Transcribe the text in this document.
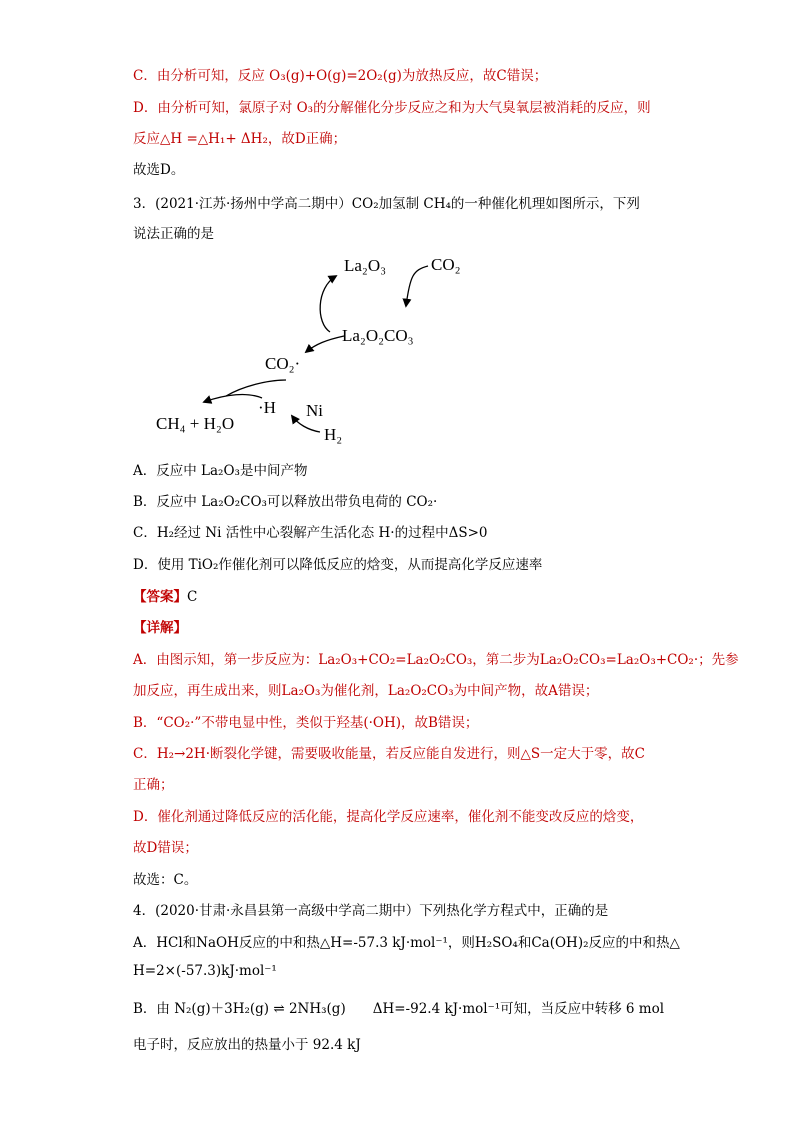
C．由分析可知，反应 O₃(g)+O(g)=2O₂(g)为放热反应，故C错误；
D．由分析可知，氯原子对 O₃的分解催化分步反应之和为大气臭氧层被消耗的反应，则
反应△H =△H₁+ ΔH₂，故D正确；
故选D。
3．(2021·江苏·扬州中学高二期中）CO₂加氢制 CH₄的一种催化机理如图所示，下列
说法正确的是
La₂O₃	CO₂
La₂O₂CO₃
CO₂·
·H Ni
H₂
CH₄ + H₂O
A．反应中 La₂O₃是中间产物
B．反应中 La₂O₂CO₃可以释放出带负电荷的 CO₂·
C．H₂经过 Ni 活性中心裂解产生活化态 H·的过程中ΔS>0
D．使用 TiO₂作催化剂可以降低反应的焓变，从而提高化学反应速率
【答案】C
【详解】
A．由图示知，第一步反应为：La₂O₃+CO₂=La₂O₂CO₃，第二步为La₂O₂CO₃=La₂O₃+CO₂·；先参
加反应，再生成出来，则La₂O₃为催化剂，La₂O₂CO₃为中间产物，故A错误；
B．“CO₂·”不带电显中性，类似于羟基(·OH)，故B错误；
C．H₂→2H·断裂化学键，需要吸收能量，若反应能自发进行，则△S一定大于零，故C
正确；
D．催化剂通过降低反应的活化能，提高化学反应速率，催化剂不能变改反应的焓变，
故D错误；
故选：C。
4．(2020·甘肃·永昌县第一高级中学高二期中）下列热化学方程式中，正确的是
A．HCl和NaOH反应的中和热△H=-57.3 kJ·mol⁻¹，则H₂SO₄和Ca(OH)₂反应的中和热△
H=2×(-57.3)kJ·mol⁻¹
B．由 N₂(g)＋3H₂(g) ⇌ 2NH₃(g)　　ΔH=-92.4 kJ·mol⁻¹可知，当反应中转移 6 mol
电子时，反应放出的热量小于 92.4 kJ
